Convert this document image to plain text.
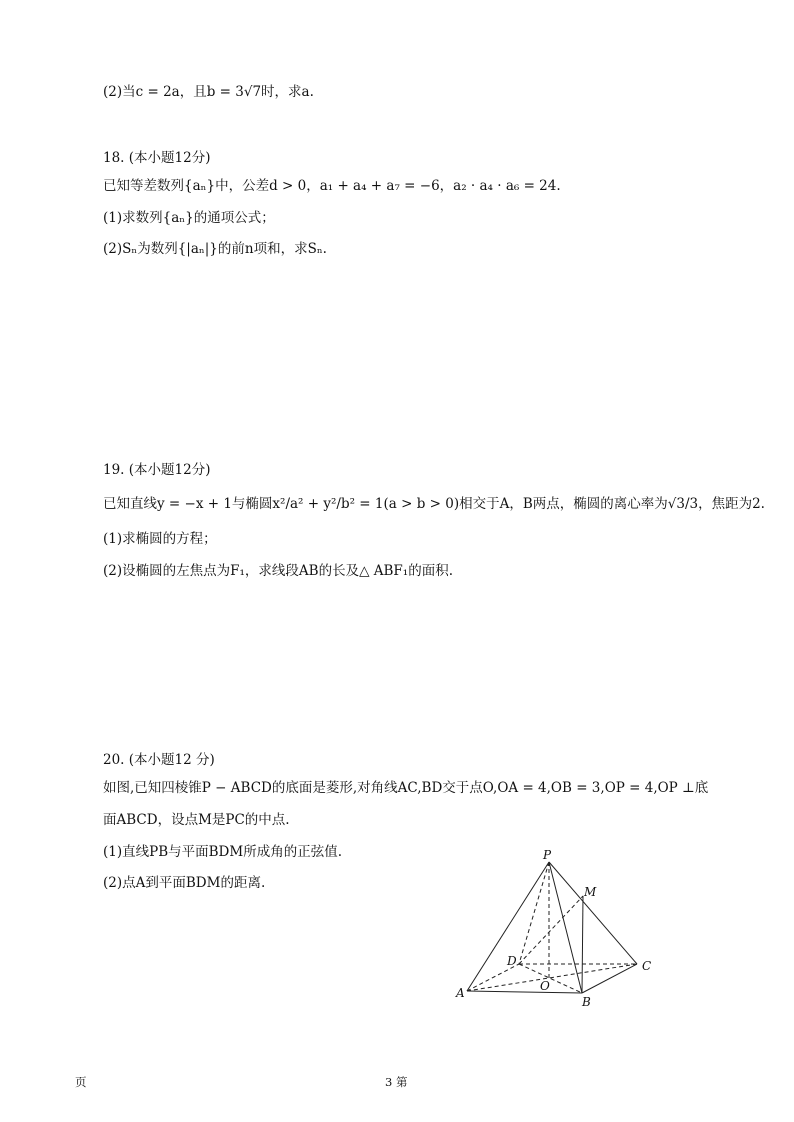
(2)当c = 2a，且b = 3√7时，求a.
18. (本小题12分)
已知等差数列{aₙ}中，公差d > 0，a₁ + a₄ + a₇ = −6，a₂ · a₄ · a₆ = 24.
(1)求数列{aₙ}的通项公式；
(2)Sₙ为数列{|aₙ|}的前n项和，求Sₙ.
19. (本小题12分)
已知直线y = −x + 1与椭圆x²/a² + y²/b² = 1(a > b > 0)相交于A，B两点，椭圆的离心率为√3/3，焦距为2.
(1)求椭圆的方程；
(2)设椭圆的左焦点为F₁，求线段AB的长及△ ABF₁的面积.
20. (本小题12 分)
如图,已知四棱锥P − ABCD的底面是菱形,对角线AC,BD交于点O,OA = 4,OB = 3,OP = 4,OP ⊥底
面ABCD，设点M是PC的中点.
(1)直线PB与平面BDM所成角的正弦值.
(2)点A到平面BDM的距离.
P
M
D	C
O
A
B
页	3 第
